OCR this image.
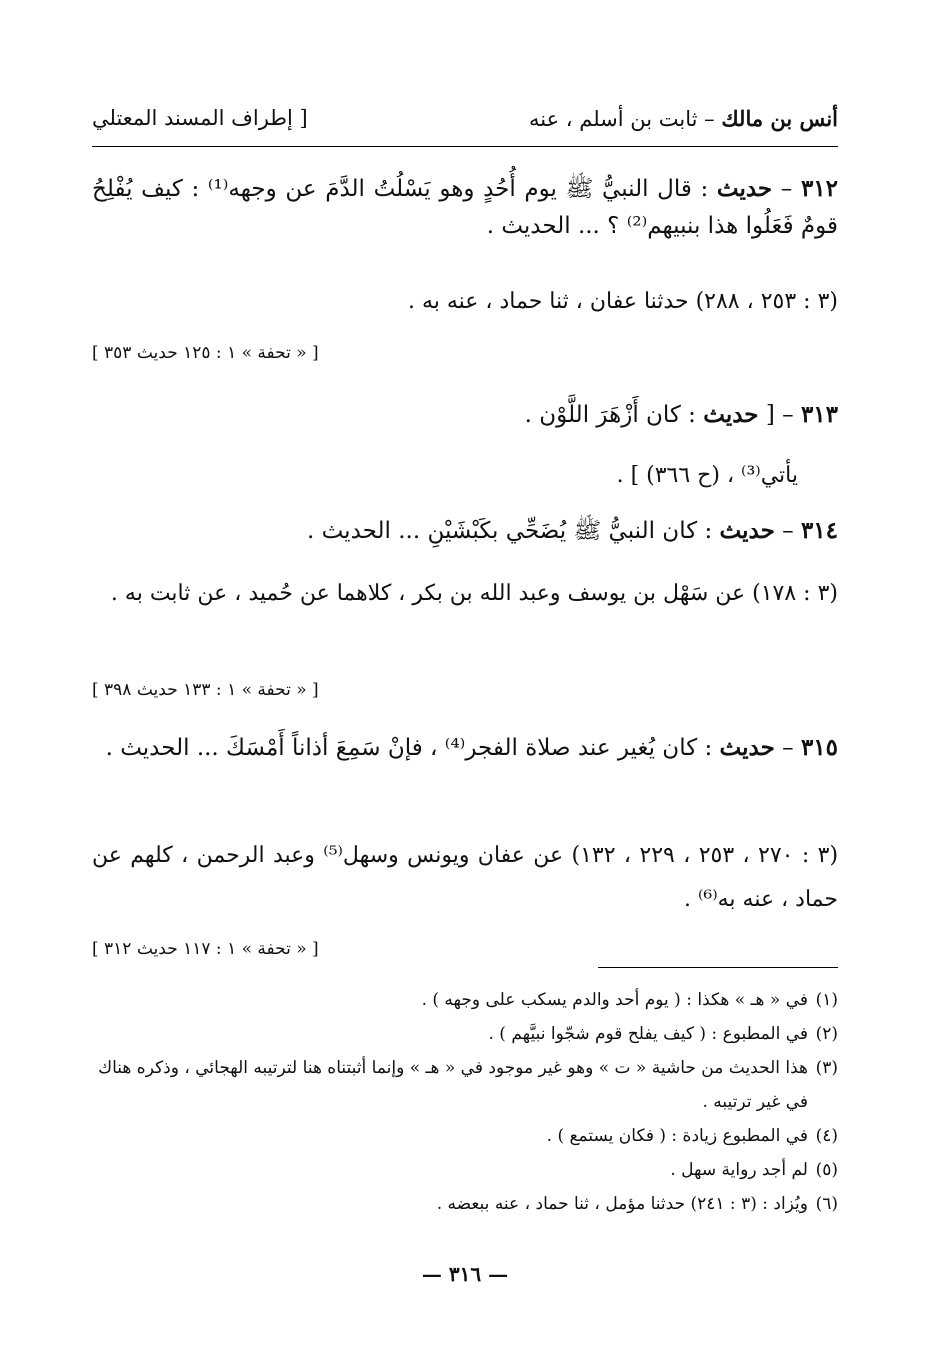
أنس بن مالك – ثابت بن أسلم ، عنه
[ إطراف المسند المعتلي
٣١٢ – حديث : قال النبيُّ ﷺ يوم أُحُدٍ وهو يَسْلُتُ الدَّمَ عن وجهه⁽¹⁾ : كيف يُفْلِحُ قومٌ فَعَلُوا هذا بنبيهم⁽²⁾ ؟ ... الحديث .
(٣ : ٢٥٣ ، ٢٨٨) حدثنا عفان ، ثنا حماد ، عنه به .
[ « تحفة » ١ : ١٢٥ حديث ٣٥٣ ]
٣١٣ – [ حديث : كان أَزْهَرَ اللَّوْن .
يأتي⁽³⁾ ، (ح ٣٦٦) ] .
٣١٤ – حديث : كان النبيُّ ﷺ يُضَحِّي بكَبْشَيْنِ ... الحديث .
(٣ : ١٧٨) عن سَهْل بن يوسف وعبد الله بن بكر ، كلاهما عن حُميد ، عن ثابت به .
[ « تحفة » ١ : ١٣٣ حديث ٣٩٨ ]
٣١٥ – حديث : كان يُغير عند صلاة الفجر⁽⁴⁾ ، فإنْ سَمِعَ أذاناً أَمْسَكَ ... الحديث .
(٣ : ٢٧٠ ، ٢٥٣ ، ٢٢٩ ، ١٣٢) عن عفان ويونس وسهل⁽⁵⁾ وعبد الرحمن ، كلهم عن حماد ، عنه به⁽⁶⁾ .
[ « تحفة » ١ : ١١٧ حديث ٣١٢ ]
(١)
في « هـ » هكذا : ( يوم أحد والدم يسكب على وجهه ) .
(٢)
في المطبوع : ( كيف يفلح قوم شجّوا نبيَّهم ) .
(٣)
هذا الحديث من حاشية « ت » وهو غير موجود في « هـ » وإنما أثبتناه هنا لترتيبه الهجائي ، وذكره هناك في غير ترتيبه .
(٤)
في المطبوع زيادة : ( فكان يستمع ) .
(٥)
لم أجد رواية سهل .
(٦)
ويُزاد : (٣ : ٢٤١) حدثنا مؤمل ، ثنا حماد ، عنه ببعضه .
— ٣١٦ —
